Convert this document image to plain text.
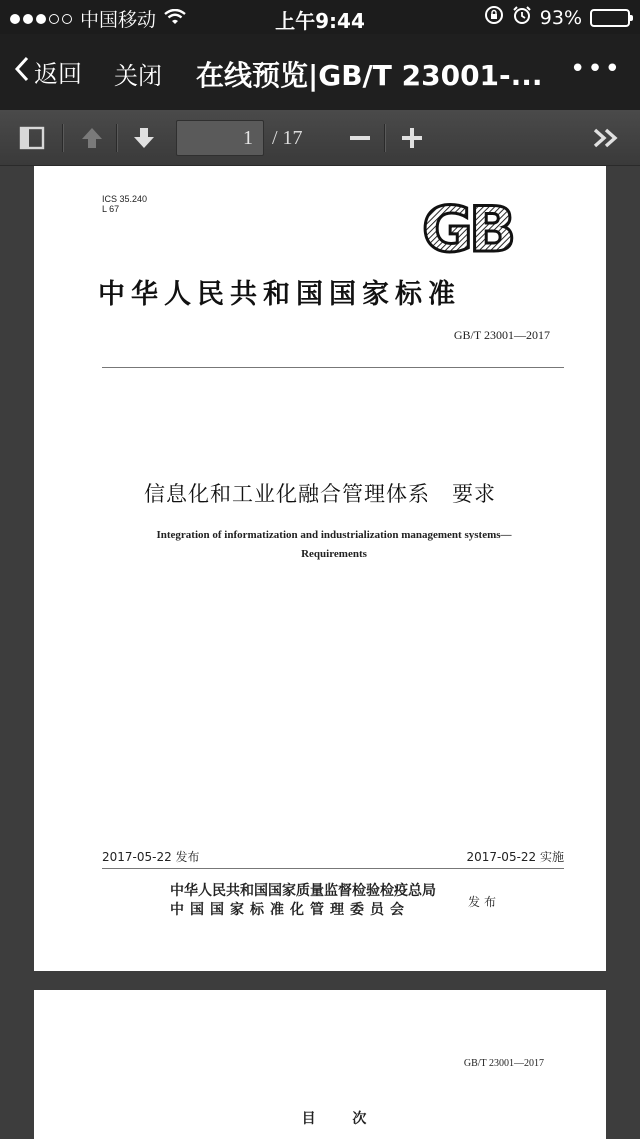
中国移动	上午9:44	93%
返回 关闭 在线预览|GB/T 23001-...	•••
1 / 17
ICS 35.240
L 67	GB
中华人民共和国国家标准
GB/T 23001—2017
信息化和工业化融合管理体系　要求
Integration of informatization and industrialization management systems—
Requirements
2017-05-22 发布	2017-05-22 实施
中华人民共和国国家质量监督检验检疫总局
中国国家标准化管理委员会	发布
GB/T 23001—2017
目 次
